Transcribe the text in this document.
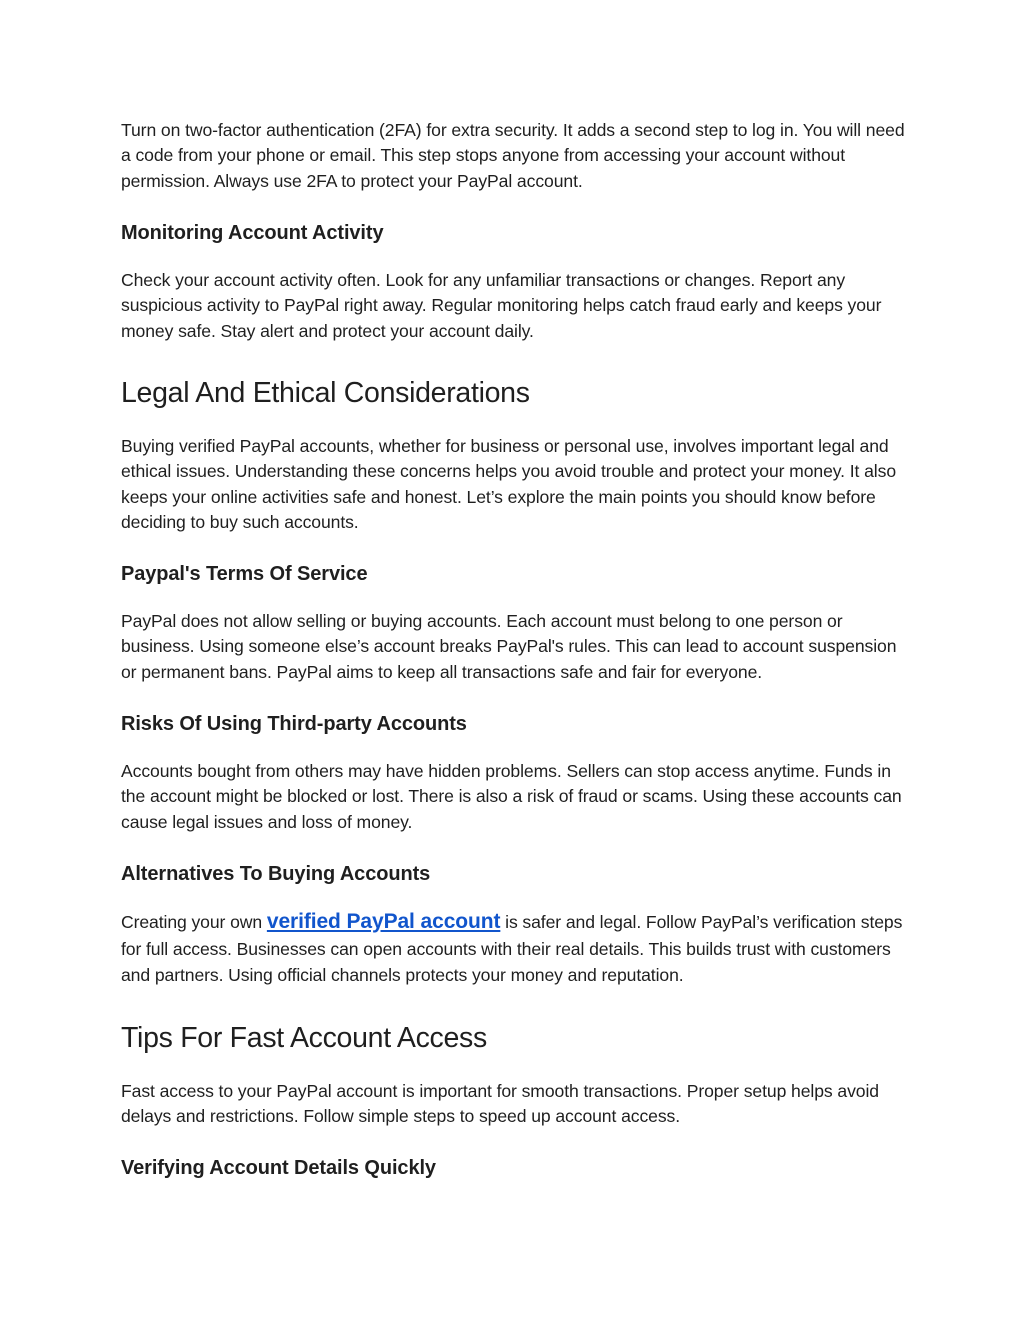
Turn on two-factor authentication (2FA) for extra security. It adds a second step to log in. You will need a code from your phone or email. This step stops anyone from accessing your account without permission. Always use 2FA to protect your PayPal account.

Monitoring Account Activity

Check your account activity often. Look for any unfamiliar transactions or changes. Report any suspicious activity to PayPal right away. Regular monitoring helps catch fraud early and keeps your money safe. Stay alert and protect your account daily.

Legal And Ethical Considerations

Buying verified PayPal accounts, whether for business or personal use, involves important legal and ethical issues. Understanding these concerns helps you avoid trouble and protect your money. It also keeps your online activities safe and honest. Let’s explore the main points you should know before deciding to buy such accounts.

Paypal's Terms Of Service

PayPal does not allow selling or buying accounts. Each account must belong to one person or business. Using someone else’s account breaks PayPal's rules. This can lead to account suspension or permanent bans. PayPal aims to keep all transactions safe and fair for everyone.

Risks Of Using Third-party Accounts

Accounts bought from others may have hidden problems. Sellers can stop access anytime. Funds in the account might be blocked or lost. There is also a risk of fraud or scams. Using these accounts can cause legal issues and loss of money.

Alternatives To Buying Accounts

Creating your own verified PayPal account is safer and legal. Follow PayPal’s verification steps for full access. Businesses can open accounts with their real details. This builds trust with customers and partners. Using official channels protects your money and reputation.

Tips For Fast Account Access

Fast access to your PayPal account is important for smooth transactions. Proper setup helps avoid delays and restrictions. Follow simple steps to speed up account access.

Verifying Account Details Quickly
